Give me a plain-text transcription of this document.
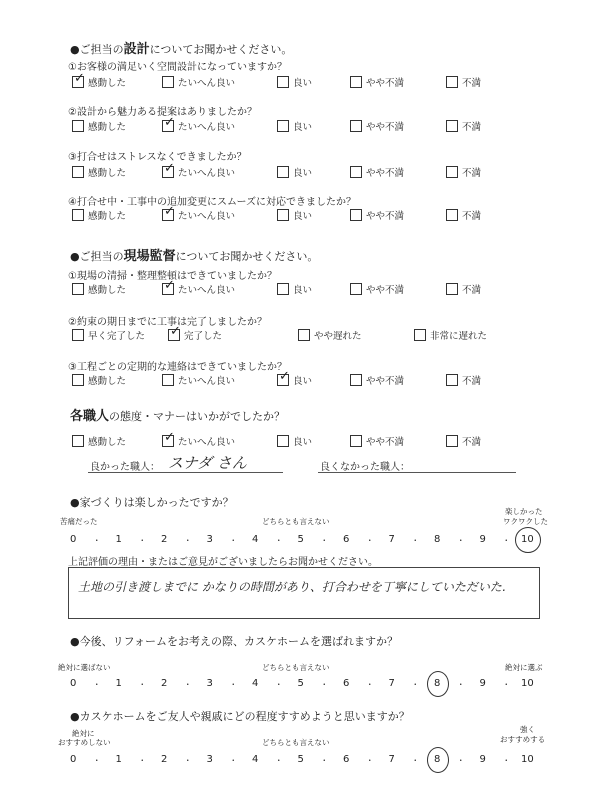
●ご担当の設計についてお聞かせください。
①お客様の満足いく空間設計になっていますか？
✓ 感動した	たいへん良い	良い	やや不満	不満
②設計から魅力ある提案はありましたか？
感動した	✓ たいへん良い	良い	やや不満	不満
③打合せはストレスなくできましたか？
感動した	✓ たいへん良い	良い	やや不満	不満
④打合せ中・工事中の追加変更にスムーズに対応できましたか？
感動した	✓ たいへん良い	良い	やや不満	不満
①現場の清掃・整理整頓はできていましたか？
感動した	✓ たいへん良い	良い	やや不満	不満
②約束の期日までに工事は完了しましたか？
早く完了した ✓ 完了した	やや遅れた	非常に遅れた
③工程ごとの定期的な連絡はできていましたか？
感動した	たいへん良い	✓ 良い	やや不満	不満
感動した	✓ たいへん良い	良い	やや不満	不満
●ご担当の現場監督についてお聞かせください。
各職人の態度・マナーはいかがでしたか？
良かった職人： スナダ さん	良くなかった職人：
●家づくりは楽しかったですか？
苦痛だった	どちらとも言えない
楽しかった
ワクワクした
0 ・ 1 ・ 2 ・ 3 ・ 4 ・ 5 ・ 6 ・ 7 ・ 8 ・ 9 ・ 10
上記評価の理由・またはご意見がございましたらお聞かせください。
土地の引き渡しまでに かなりの時間があり、打合わせを丁寧にしていただいた.
●今後、リフォームをお考えの際、カスケホームを選ばれますか？
絶対に選ばない	どちらとも言えない	絶対に選ぶ
0 ・ 1 ・ 2 ・ 3 ・ 4 ・ 5 ・ 6 ・ 7 ・ 8 ・ 9 ・ 10
●カスケホームをご友人や親戚にどの程度すすめようと思いますか？
絶対に
おすすめしない	どちらとも言えない
強く
おすすめする
0 ・ 1 ・ 2 ・ 3 ・ 4 ・ 5 ・ 6 ・ 7 ・ 8 ・ 9 ・ 10
